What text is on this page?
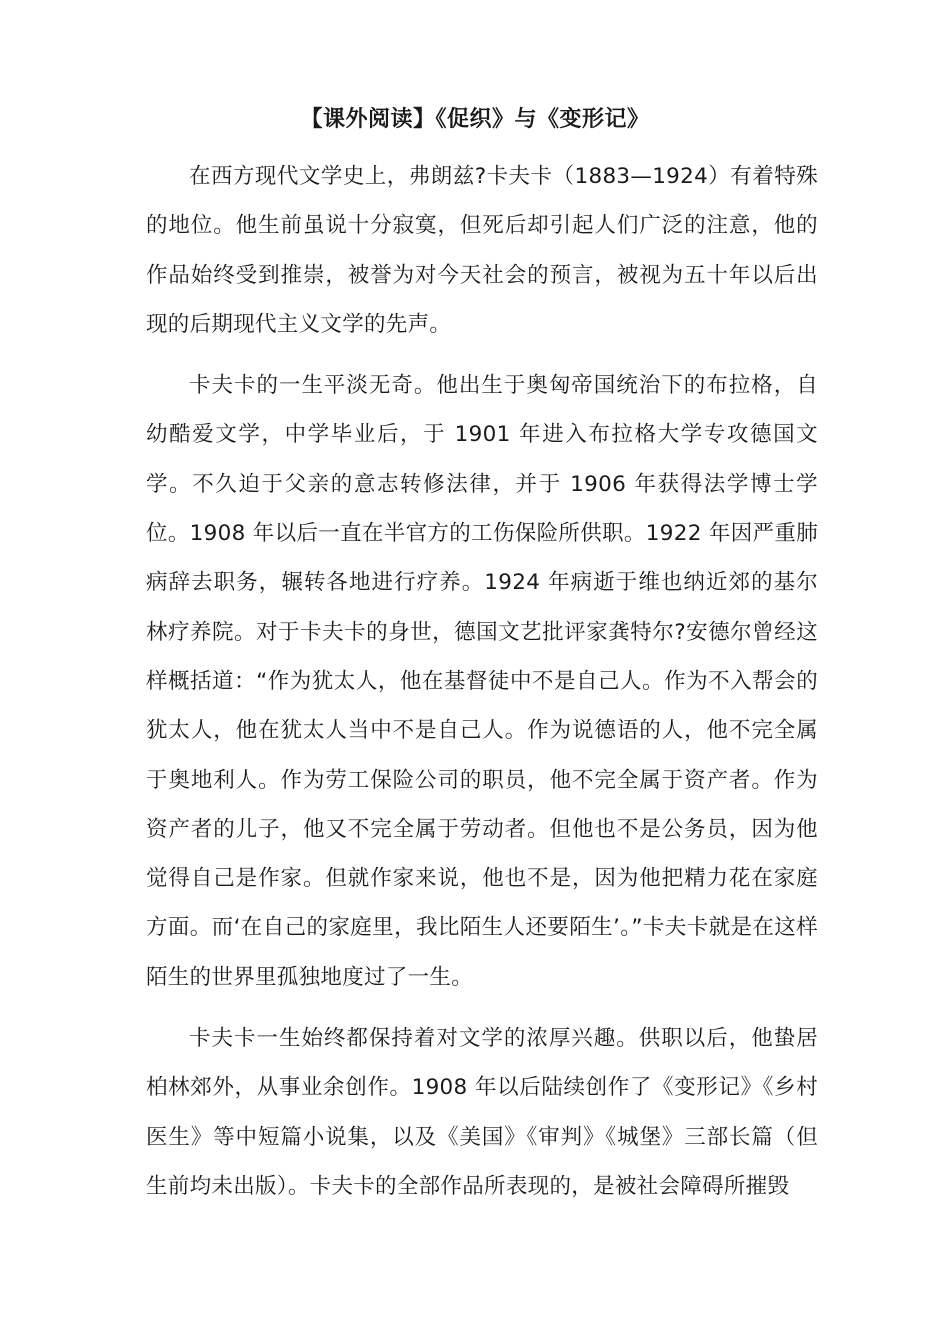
【课外阅读】《促织》与《变形记》

在西方现代文学史上，弗朗兹?卡夫卡（1883—1924）有着特殊的地位。他生前虽说十分寂寞，但死后却引起人们广泛的注意，他的作品始终受到推崇，被誉为对今天社会的预言，被视为五十年以后出现的后期现代主义文学的先声。

卡夫卡的一生平淡无奇。他出生于奥匈帝国统治下的布拉格，自幼酷爱文学，中学毕业后，于 1901 年进入布拉格大学专攻德国文学。不久迫于父亲的意志转修法律，并于 1906 年获得法学博士学位。1908 年以后一直在半官方的工伤保险所供职。1922 年因严重肺病辞去职务，辗转各地进行疗养。1924 年病逝于维也纳近郊的基尔林疗养院。对于卡夫卡的身世，德国文艺批评家龚特尔?安德尔曾经这样概括道：“作为犹太人，他在基督徒中不是自己人。作为不入帮会的犹太人，他在犹太人当中不是自己人。作为说德语的人，他不完全属于奥地利人。作为劳工保险公司的职员，他不完全属于资产者。作为资产者的儿子，他又不完全属于劳动者。但他也不是公务员，因为他觉得自己是作家。但就作家来说，他也不是，因为他把精力花在家庭方面。而‘在自己的家庭里，我比陌生人还要陌生’。”卡夫卡就是在这样陌生的世界里孤独地度过了一生。

卡夫卡一生始终都保持着对文学的浓厚兴趣。供职以后，他蛰居柏林郊外，从事业余创作。1908 年以后陆续创作了《变形记》《乡村医生》等中短篇小说集，以及《美国》《审判》《城堡》三部长篇（但生前均未出版）。卡夫卡的全部作品所表现的，是被社会障碍所摧毁
